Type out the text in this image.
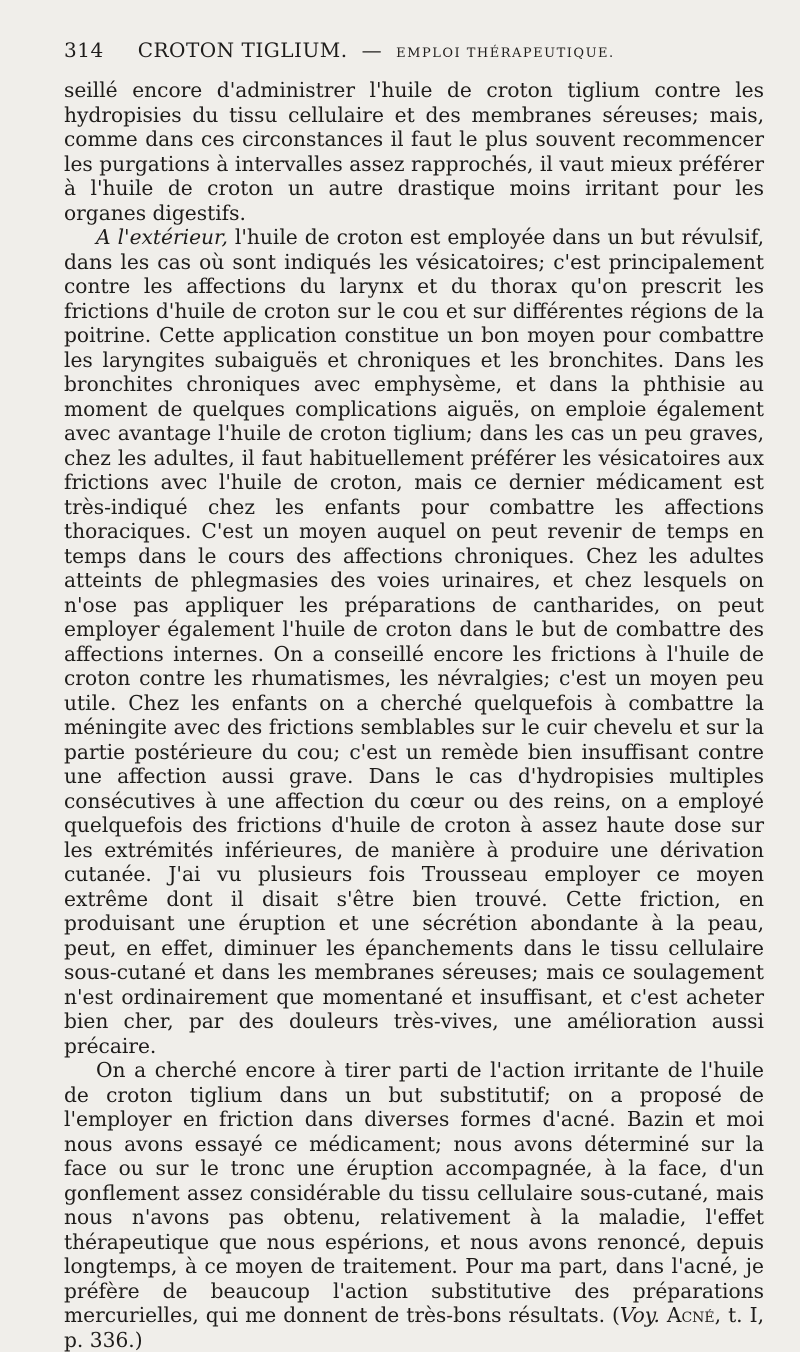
314 CROTON TIGLIUM. — EMPLOI THÉRAPEUTIQUE.

seillé encore d'administrer l'huile de croton tiglium contre les hydropisies du tissu cellulaire et des membranes séreuses; mais, comme dans ces circonstances il faut le plus souvent recommencer les purgations à intervalles assez rapprochés, il vaut mieux préférer à l'huile de croton un autre drastique moins irritant pour les organes digestifs.

A l'extérieur, l'huile de croton est employée dans un but révulsif, dans les cas où sont indiqués les vésicatoires; c'est principalement contre les affections du larynx et du thorax qu'on prescrit les frictions d'huile de croton sur le cou et sur différentes régions de la poitrine. Cette application constitue un bon moyen pour combattre les laryngites subaiguës et chroniques et les bronchites. Dans les bronchites chroniques avec emphysème, et dans la phthisie au moment de quelques complications aiguës, on emploie également avec avantage l'huile de croton tiglium; dans les cas un peu graves, chez les adultes, il faut habituellement préférer les vésicatoires aux frictions avec l'huile de croton, mais ce dernier médicament est très-indiqué chez les enfants pour combattre les affections thoraciques. C'est un moyen auquel on peut revenir de temps en temps dans le cours des affections chroniques. Chez les adultes atteints de phlegmasies des voies urinaires, et chez lesquels on n'ose pas appliquer les préparations de cantharides, on peut employer également l'huile de croton dans le but de combattre des affections internes. On a conseillé encore les frictions à l'huile de croton contre les rhumatismes, les névralgies; c'est un moyen peu utile. Chez les enfants on a cherché quelquefois à combattre la méningite avec des frictions semblables sur le cuir chevelu et sur la partie postérieure du cou; c'est un remède bien insuffisant contre une affection aussi grave. Dans le cas d'hydropisies multiples consécutives à une affection du cœur ou des reins, on a employé quelquefois des frictions d'huile de croton à assez haute dose sur les extrémités inférieures, de manière à produire une dérivation cutanée. J'ai vu plusieurs fois Trousseau employer ce moyen extrême dont il disait s'être bien trouvé. Cette friction, en produisant une éruption et une sécrétion abondante à la peau, peut, en effet, diminuer les épanchements dans le tissu cellulaire sous-cutané et dans les membranes séreuses; mais ce soulagement n'est ordinairement que momentané et insuffisant, et c'est acheter bien cher, par des douleurs très-vives, une amélioration aussi précaire.

On a cherché encore à tirer parti de l'action irritante de l'huile de croton tiglium dans un but substitutif; on a proposé de l'employer en friction dans diverses formes d'acné. Bazin et moi nous avons essayé ce médicament; nous avons déterminé sur la face ou sur le tronc une éruption accompagnée, à la face, d'un gonflement assez considérable du tissu cellulaire sous-cutané, mais nous n'avons pas obtenu, relativement à la maladie, l'effet thérapeutique que nous espérions, et nous avons renoncé, depuis longtemps, à ce moyen de traitement. Pour ma part, dans l'acné, je préfère de beaucoup l'action substitutive des préparations mercurielles, qui me donnent de très-bons résultats. (Voy. Acné, t. I, p. 336.)
